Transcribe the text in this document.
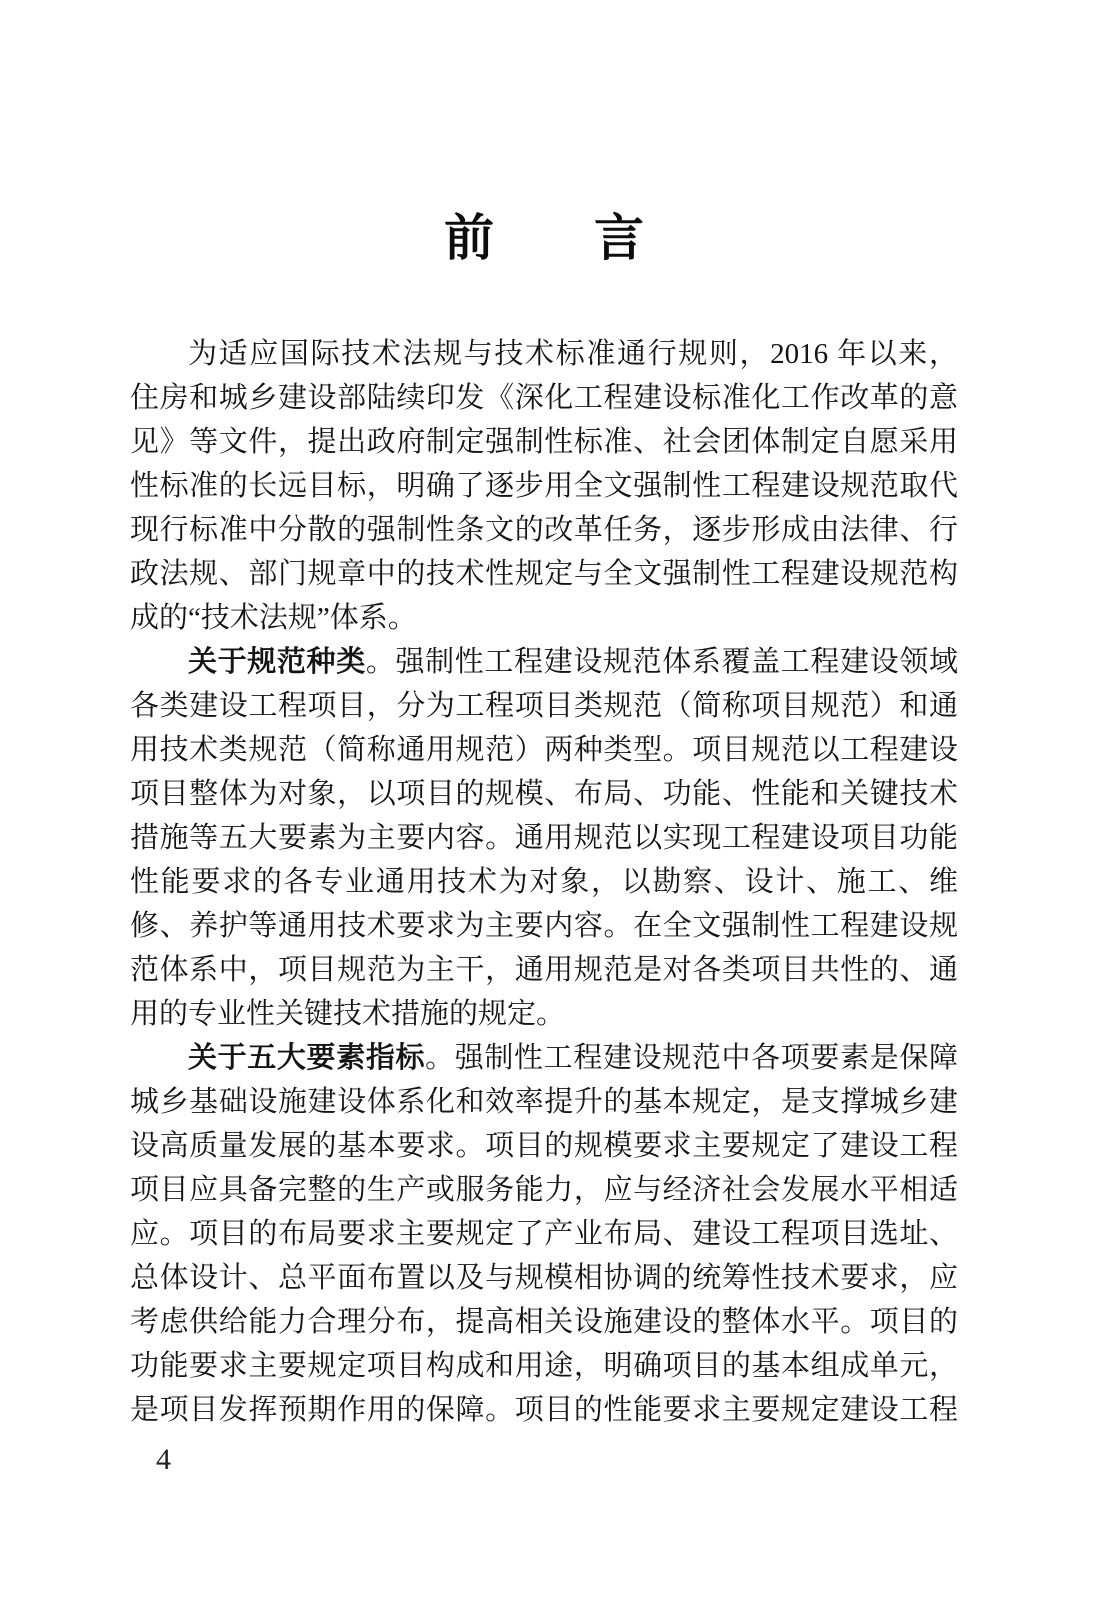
前　　言
为适应国际技术法规与技术标准通行规则，2016 年以来，
住房和城乡建设部陆续印发《深化工程建设标准化工作改革的意
见》等文件，提出政府制定强制性标准、社会团体制定自愿采用
性标准的长远目标，明确了逐步用全文强制性工程建设规范取代
现行标准中分散的强制性条文的改革任务，逐步形成由法律、行
政法规、部门规章中的技术性规定与全文强制性工程建设规范构
成的“技术法规”体系。
关于规范种类。强制性工程建设规范体系覆盖工程建设领域
各类建设工程项目，分为工程项目类规范（简称项目规范）和通
用技术类规范（简称通用规范）两种类型。项目规范以工程建设
项目整体为对象，以项目的规模、布局、功能、性能和关键技术
措施等五大要素为主要内容。通用规范以实现工程建设项目功能
性能要求的各专业通用技术为对象，以勘察、设计、施工、维
修、养护等通用技术要求为主要内容。在全文强制性工程建设规
范体系中，项目规范为主干，通用规范是对各类项目共性的、通
用的专业性关键技术措施的规定。
关于五大要素指标。强制性工程建设规范中各项要素是保障
城乡基础设施建设体系化和效率提升的基本规定，是支撑城乡建
设高质量发展的基本要求。项目的规模要求主要规定了建设工程
项目应具备完整的生产或服务能力，应与经济社会发展水平相适
应。项目的布局要求主要规定了产业布局、建设工程项目选址、
总体设计、总平面布置以及与规模相协调的统筹性技术要求，应
考虑供给能力合理分布，提高相关设施建设的整体水平。项目的
功能要求主要规定项目构成和用途，明确项目的基本组成单元，
是项目发挥预期作用的保障。项目的性能要求主要规定建设工程
4
